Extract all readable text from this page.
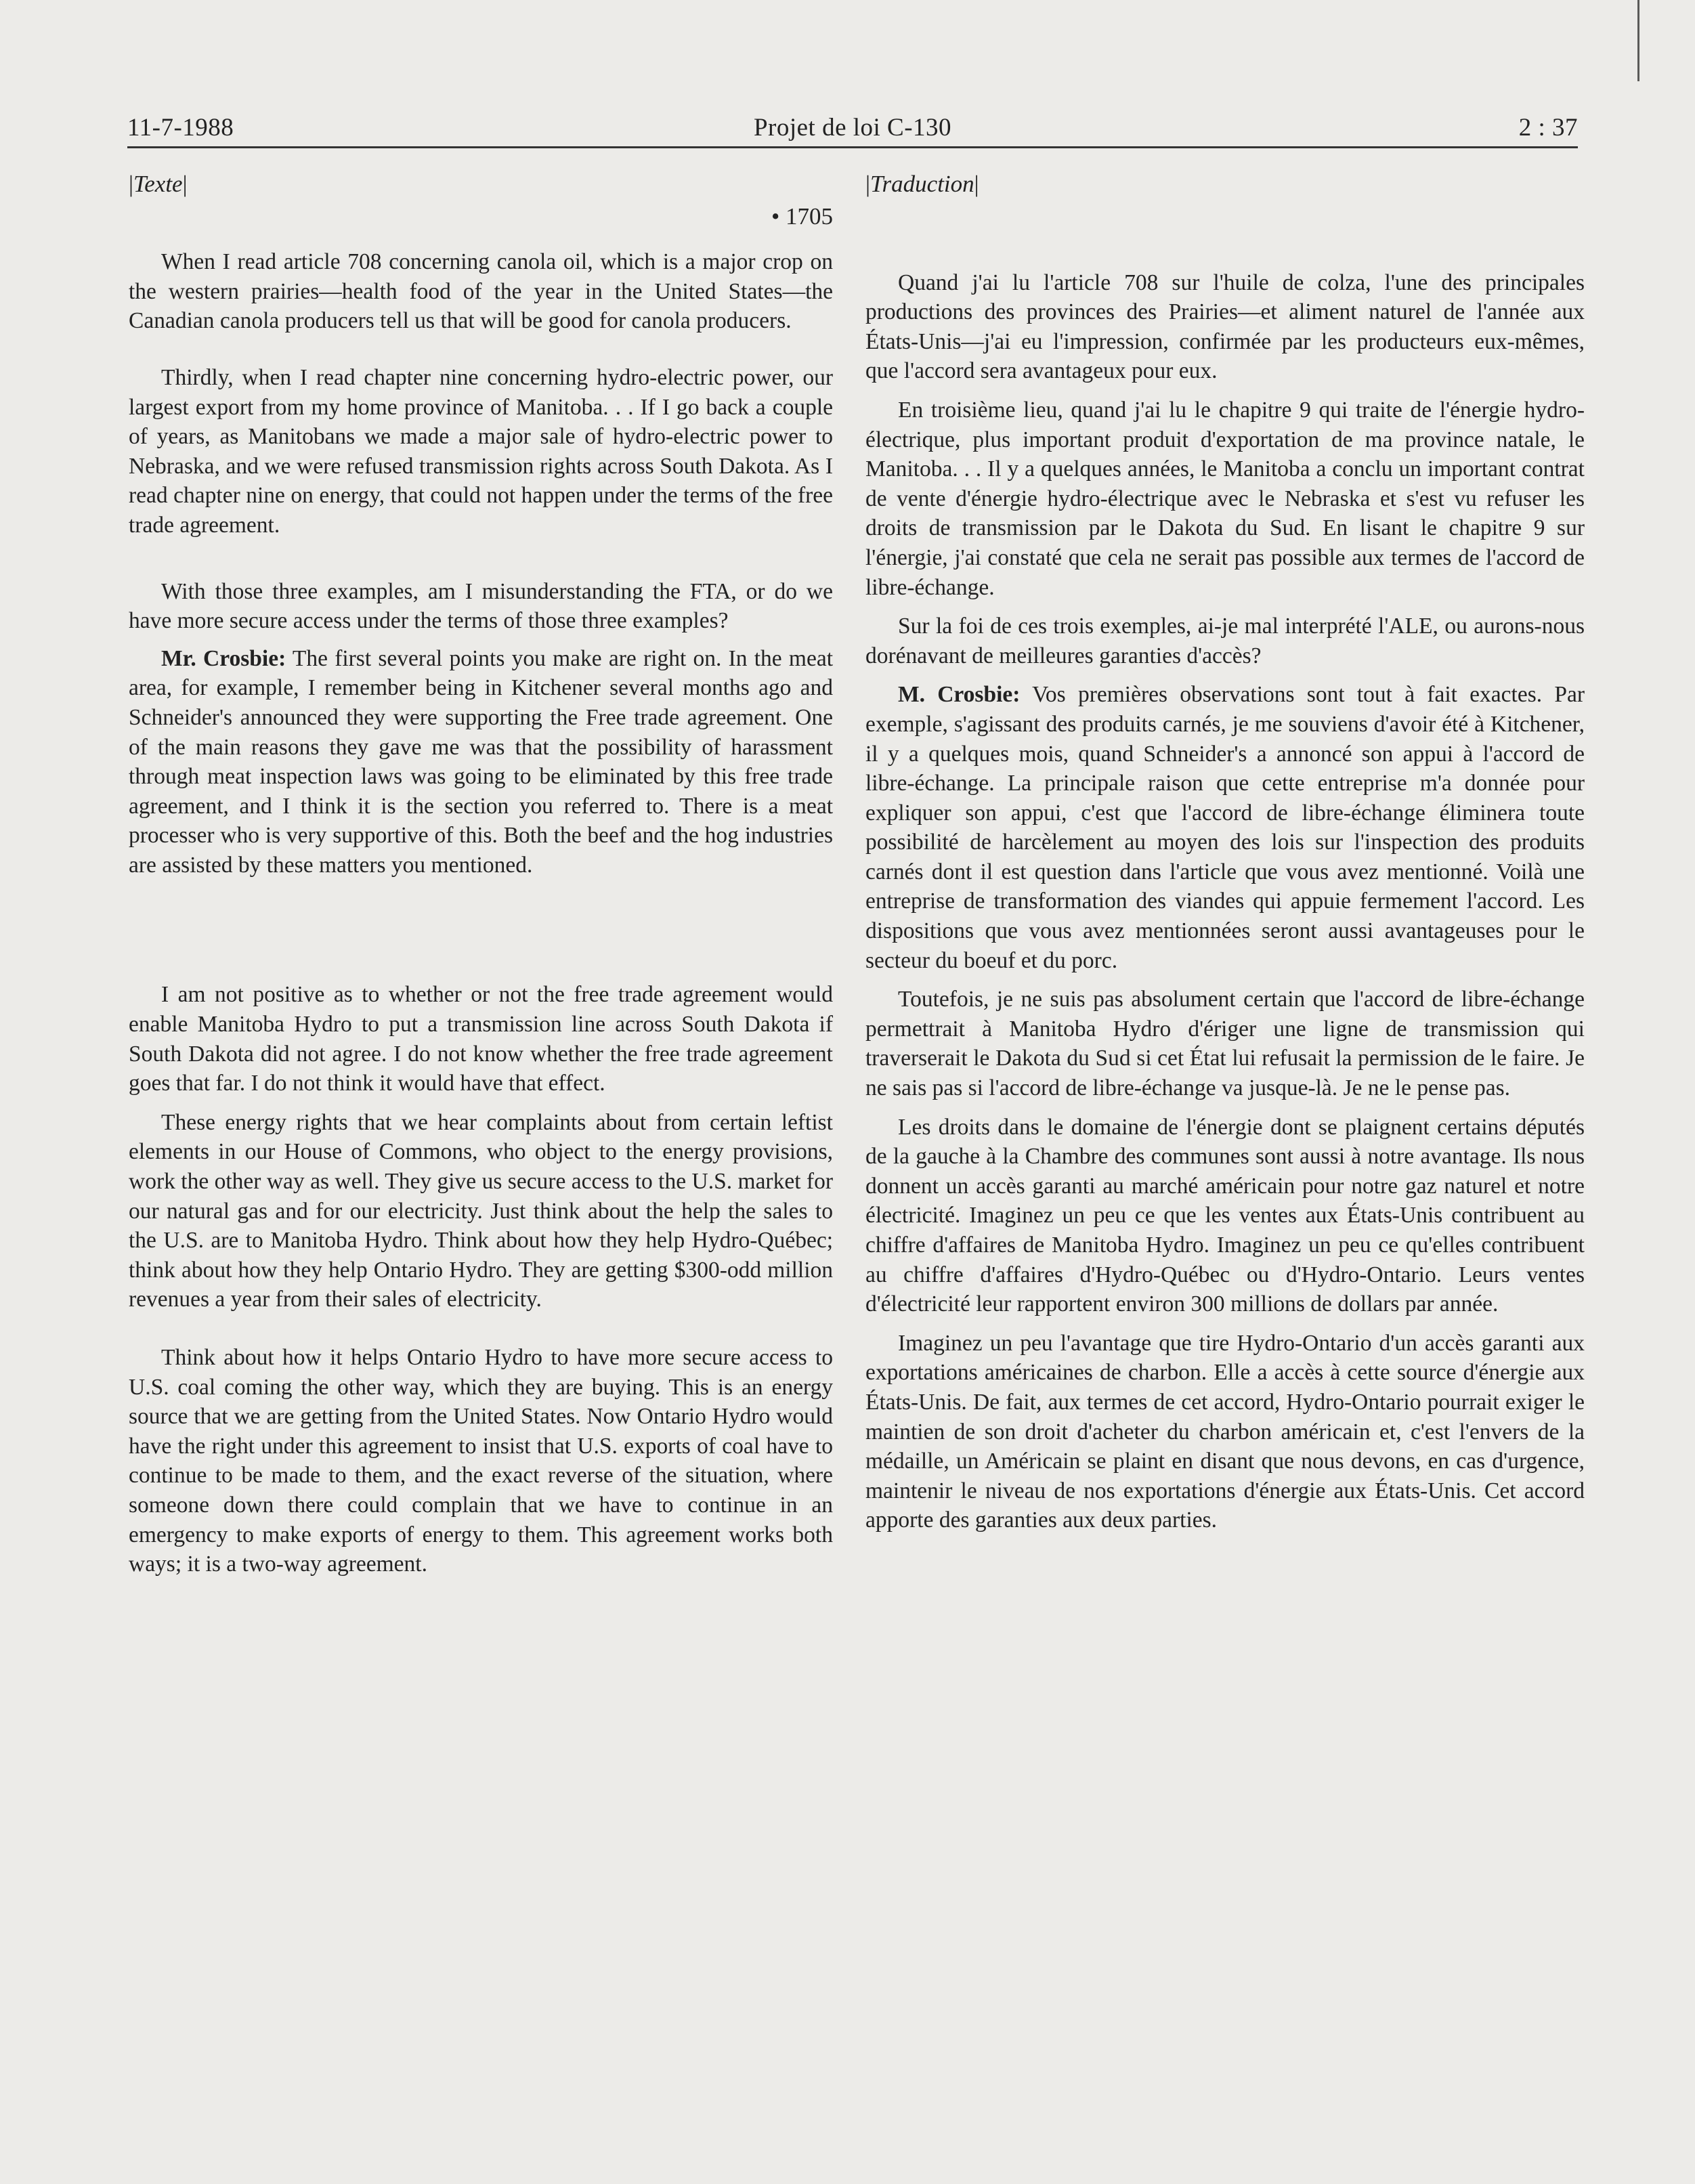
11-7-1988	Projet de loi C-130	2 : 37

|Texte|

• 1705

When I read article 708 concerning canola oil, which is a major crop on the western prairies—health food of the year in the United States—the Canadian canola producers tell us that will be good for canola producers.

Thirdly, when I read chapter nine concerning hydro-electric power, our largest export from my home province of Manitoba. . . If I go back a couple of years, as Manitobans we made a major sale of hydro-electric power to Nebraska, and we were refused transmission rights across South Dakota. As I read chapter nine on energy, that could not happen under the terms of the free trade agreement.

With those three examples, am I misunderstanding the FTA, or do we have more secure access under the terms of those three examples?

Mr. Crosbie: The first several points you make are right on. In the meat area, for example, I remember being in Kitchener several months ago and Schneider's announced they were supporting the Free trade agreement. One of the main reasons they gave me was that the possibility of harassment through meat inspection laws was going to be eliminated by this free trade agreement, and I think it is the section you referred to. There is a meat processer who is very supportive of this. Both the beef and the hog industries are assisted by these matters you mentioned.

I am not positive as to whether or not the free trade agreement would enable Manitoba Hydro to put a transmission line across South Dakota if South Dakota did not agree. I do not know whether the free trade agreement goes that far. I do not think it would have that effect.

These energy rights that we hear complaints about from certain leftist elements in our House of Commons, who object to the energy provisions, work the other way as well. They give us secure access to the U.S. market for our natural gas and for our electricity. Just think about the help the sales to the U.S. are to Manitoba Hydro. Think about how they help Hydro-Québec; think about how they help Ontario Hydro. They are getting $300-odd million revenues a year from their sales of electricity.

Think about how it helps Ontario Hydro to have more secure access to U.S. coal coming the other way, which they are buying. This is an energy source that we are getting from the United States. Now Ontario Hydro would have the right under this agreement to insist that U.S. exports of coal have to continue to be made to them, and the exact reverse of the situation, where someone down there could complain that we have to continue in an emergency to make exports of energy to them. This agreement works both ways; it is a two-way agreement.

|Traduction|

Quand j'ai lu l'article 708 sur l'huile de colza, l'une des principales productions des provinces des Prairies—et aliment naturel de l'année aux États-Unis—j'ai eu l'impression, confirmée par les producteurs eux-mêmes, que l'accord sera avantageux pour eux.

En troisième lieu, quand j'ai lu le chapitre 9 qui traite de l'énergie hydro-électrique, plus important produit d'exportation de ma province natale, le Manitoba. . . Il y a quelques années, le Manitoba a conclu un important contrat de vente d'énergie hydro-électrique avec le Nebraska et s'est vu refuser les droits de transmission par le Dakota du Sud. En lisant le chapitre 9 sur l'énergie, j'ai constaté que cela ne serait pas possible aux termes de l'accord de libre-échange.

Sur la foi de ces trois exemples, ai-je mal interprété l'ALE, ou aurons-nous dorénavant de meilleures garanties d'accès?

M. Crosbie: Vos premières observations sont tout à fait exactes. Par exemple, s'agissant des produits carnés, je me souviens d'avoir été à Kitchener, il y a quelques mois, quand Schneider's a annoncé son appui à l'accord de libre-échange. La principale raison que cette entreprise m'a donnée pour expliquer son appui, c'est que l'accord de libre-échange éliminera toute possibilité de harcèlement au moyen des lois sur l'inspection des produits carnés dont il est question dans l'article que vous avez mentionné. Voilà une entreprise de transformation des viandes qui appuie fermement l'accord. Les dispositions que vous avez mentionnées seront aussi avantageuses pour le secteur du boeuf et du porc.

Toutefois, je ne suis pas absolument certain que l'accord de libre-échange permettrait à Manitoba Hydro d'ériger une ligne de transmission qui traverserait le Dakota du Sud si cet État lui refusait la permission de le faire. Je ne sais pas si l'accord de libre-échange va jusque-là. Je ne le pense pas.

Les droits dans le domaine de l'énergie dont se plaignent certains députés de la gauche à la Chambre des communes sont aussi à notre avantage. Ils nous donnent un accès garanti au marché américain pour notre gaz naturel et notre électricité. Imaginez un peu ce que les ventes aux États-Unis contribuent au chiffre d'affaires de Manitoba Hydro. Imaginez un peu ce qu'elles contribuent au chiffre d'affaires d'Hydro-Québec ou d'Hydro-Ontario. Leurs ventes d'électricité leur rapportent environ 300 millions de dollars par année.

Imaginez un peu l'avantage que tire Hydro-Ontario d'un accès garanti aux exportations américaines de charbon. Elle a accès à cette source d'énergie aux États-Unis. De fait, aux termes de cet accord, Hydro-Ontario pourrait exiger le maintien de son droit d'acheter du charbon américain et, c'est l'envers de la médaille, un Américain se plaint en disant que nous devons, en cas d'urgence, maintenir le niveau de nos exportations d'énergie aux États-Unis. Cet accord apporte des garanties aux deux parties.
